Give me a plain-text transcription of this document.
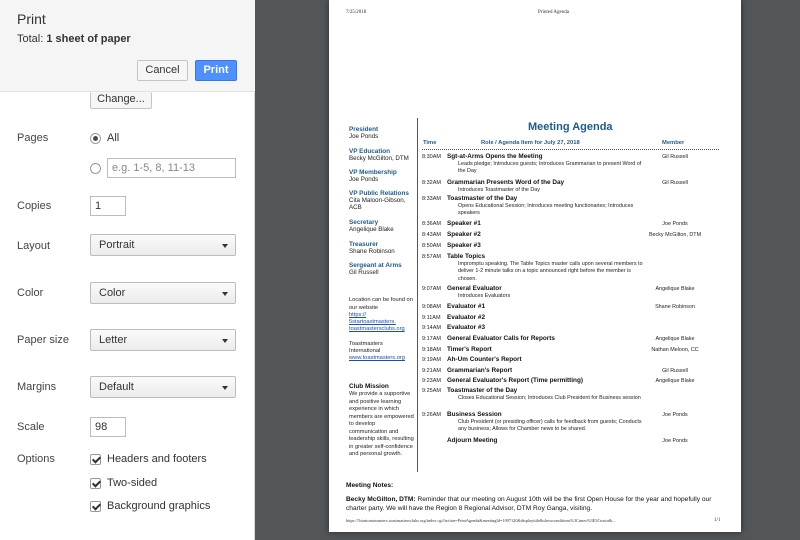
Print
Total: 1 sheet of paper
Cancel	Print
Change...
Pages	All
e.g. 1-5, 8, 11-13
Copies	1
Layout	Portrait
Color	Color
Paper size	Letter
Margins	Default
Scale	98
Options	Headers and footers
Two-sided
Background graphics
7/25/2018	Printed Agenda
President
Joe Ponds
VP Education
Becky McGilton, DTM
VP Membership
Joe Ponds
VP Public Relations
Cita Maloon-Gibson,
ACB
Secretary
Angelique Blake
Treasurer
Shane Robinson
Sergeant at Arms
Gil Russell
Location can be found on our website
https://
5startoastmasters.
toastmastersclubs.org
Toastmasters
International
www.toastmasters.org
Club Mission
We provide a supportive and positive learning experience in which members are empowered to develop communication and leadership skills, resulting in greater self-confidence and personal growth.
Meeting Agenda
Time	Role / Agenda Item for July 27, 2018	Member
8:30AM Sgt-at-Arms Opens the Meeting
Leads pledge; Introduces guests; Introduces Grammarian to present Word of the Day
Gil Russell
8:32AM Grammarian Presents Word of the Day
Introduces Toastmaster of the Day
Gil Russell
8:33AM Toastmaster of the Day
Opens Educational Session; Introduces meeting functionaries; Introduces speakers
8:36AM Speaker #1	Joe Ponds
8:43AM Speaker #2	Becky McGilton, DTM
8:50AM Speaker #3
8:57AM Table Topics
Impromptu speaking. The Table Topics master calls upon several members to deliver 1-2 minute talks on a topic announced right before the member is chosen.
9:07AM General Evaluator
Introduces Evaluators
Angelique Blake
9:08AM Evaluator #1	Shane Robinson
9:11AM Evaluator #2
9:14AM Evaluator #3
9:17AM General Evaluator Calls for Reports	Angelique Blake
9:18AM Timer's Report	Nathan Meloon, CC
9:19AM Ah-Um Counter's Report
9:21AM Grammarian's Report	Gil Russell
9:23AM General Evaluator's Report (Time permitting)	Angelique Blake
9:25AM Toastmaster of the Day
Closes Educational Session; Introduces Club President for Business session
9:26AM Business Session
Club President (or presiding officer) calls for feedback from guests; Conducts any business; Allows for Chamber news to be shared.
Joe Ponds
Adjourn Meeting	Joe Ponds
Meeting Notes:
Becky McGilton, DTM: Reminder that our meeting on August 10th will be the first Open House for the year and hopefully our charter party. We will have the Region 8 Regional Advisor, DTM Roy Ganga, visiting.
https://5startoastmasters.toastmastersclubs.org/index.cgi?action=PrintAgenda&meetingId=1097120&displaytitle&showconditions%3Cimes%3E3Cextra&...	1/1
